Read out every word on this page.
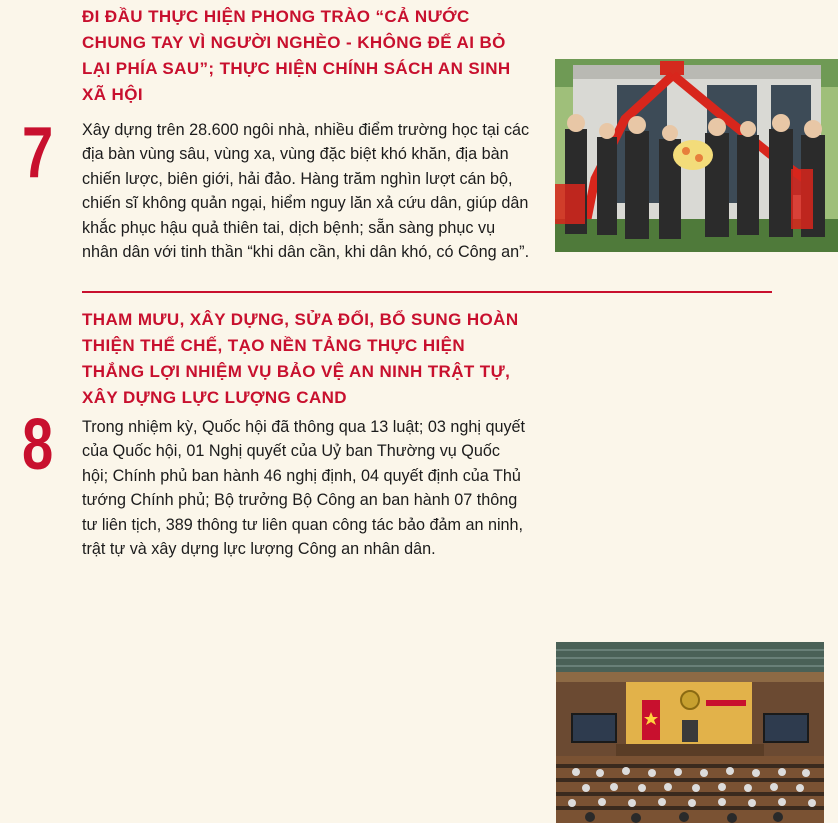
ĐI ĐẦU THỰC HIỆN PHONG TRÀO “CẢ NƯỚC CHUNG TAY VÌ NGƯỜI NGHÈO - KHÔNG ĐỂ AI BỎ LẠI PHÍA SAU”; THỰC HIỆN CHÍNH SÁCH AN SINH XÃ HỘI
7 Xây dựng trên 28.600 ngôi nhà, nhiều điểm trường học tại các địa bàn vùng sâu, vùng xa, vùng đặc biệt khó khăn, địa bàn chiến lược, biên giới, hải đảo. Hàng trăm nghìn lượt cán bộ, chiến sĩ không quản ngại, hiểm nguy lăn xả cứu dân, giúp dân khắc phục hậu quả thiên tai, dịch bệnh; sẵn sàng phục vụ nhân dân với tinh thần “khi dân cần, khi dân khó, có Công an”.

THAM MƯU, XÂY DỰNG, SỬA ĐỔI, BỔ SUNG HOÀN THIỆN THỂ CHẾ, TẠO NỀN TẢNG THỰC HIỆN THẮNG LỢI NHIỆM VỤ BẢO VỆ AN NINH TRẬT TỰ, XÂY DỰNG LỰC LƯỢNG CAND
8 Trong nhiệm kỳ, Quốc hội đã thông qua 13 luật; 03 nghị quyết của Quốc hội, 01 Nghị quyết của Uỷ ban Thường vụ Quốc hội; Chính phủ ban hành 46 nghị định, 04 quyết định của Thủ tướng Chính phủ; Bộ trưởng Bộ Công an ban hành 07 thông tư liên tịch, 389 thông tư liên quan công tác bảo đảm an ninh, trật tự và xây dựng lực lượng Công an nhân dân.
